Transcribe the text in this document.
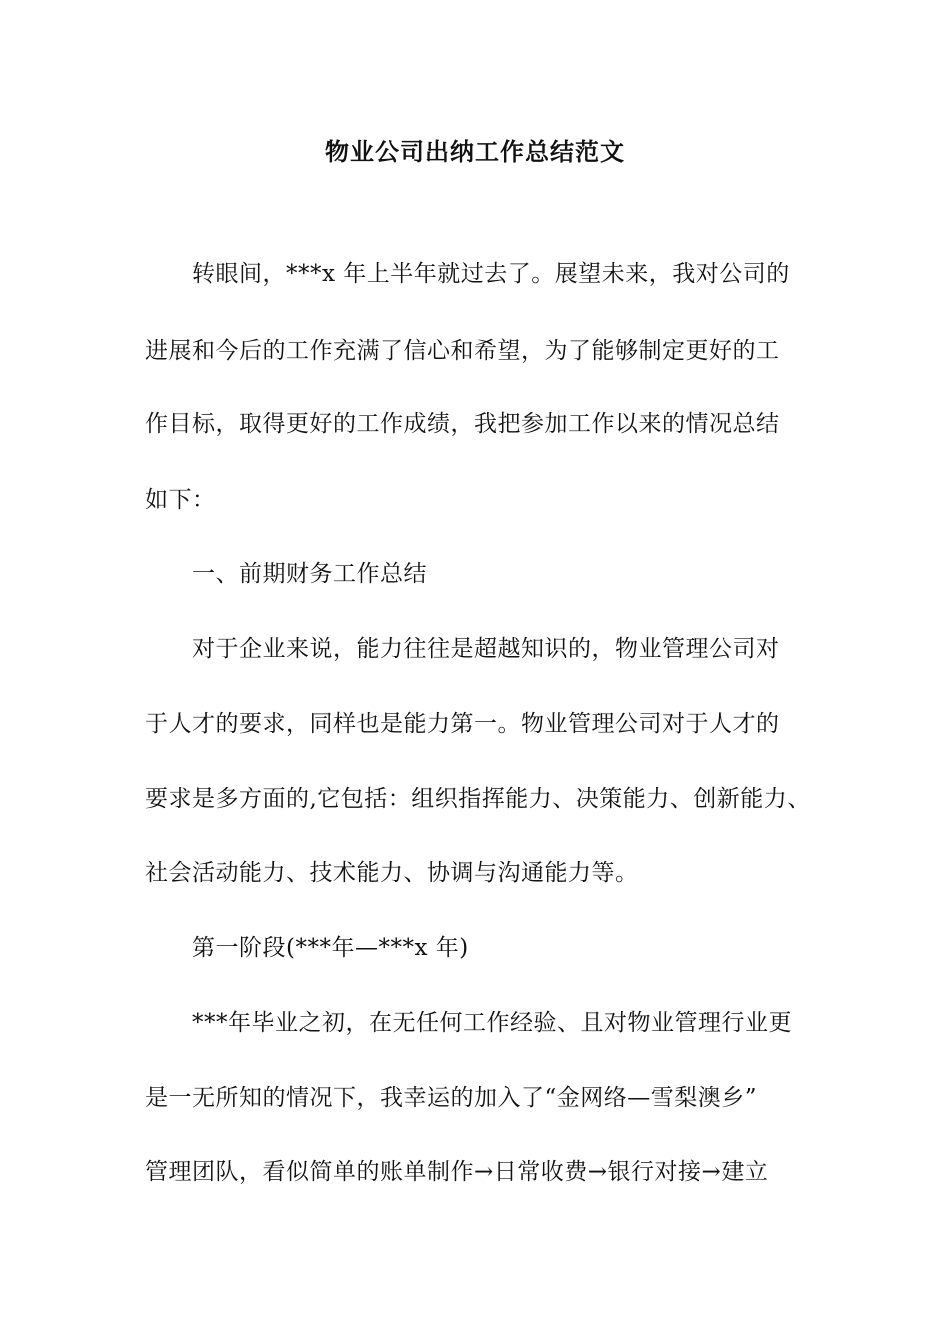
物业公司出纳工作总结范文
转眼间，***x 年上半年就过去了。展望未来，我对公司的
进展和今后的工作充满了信心和希望，为了能够制定更好的工
作目标，取得更好的工作成绩，我把参加工作以来的情况总结
如下：
一、前期财务工作总结
对于企业来说，能力往往是超越知识的，物业管理公司对
于人才的要求，同样也是能力第一。物业管理公司对于人才的
要求是多方面的,它包括：组织指挥能力、决策能力、创新能力、
社会活动能力、技术能力、协调与沟通能力等。
第一阶段(***年—***x 年)
***年毕业之初，在无任何工作经验、且对物业管理行业更
是一无所知的情况下，我幸运的加入了“金网络—雪梨澳乡”
管理团队，看似简单的账单制作→日常收费→银行对接→建立
